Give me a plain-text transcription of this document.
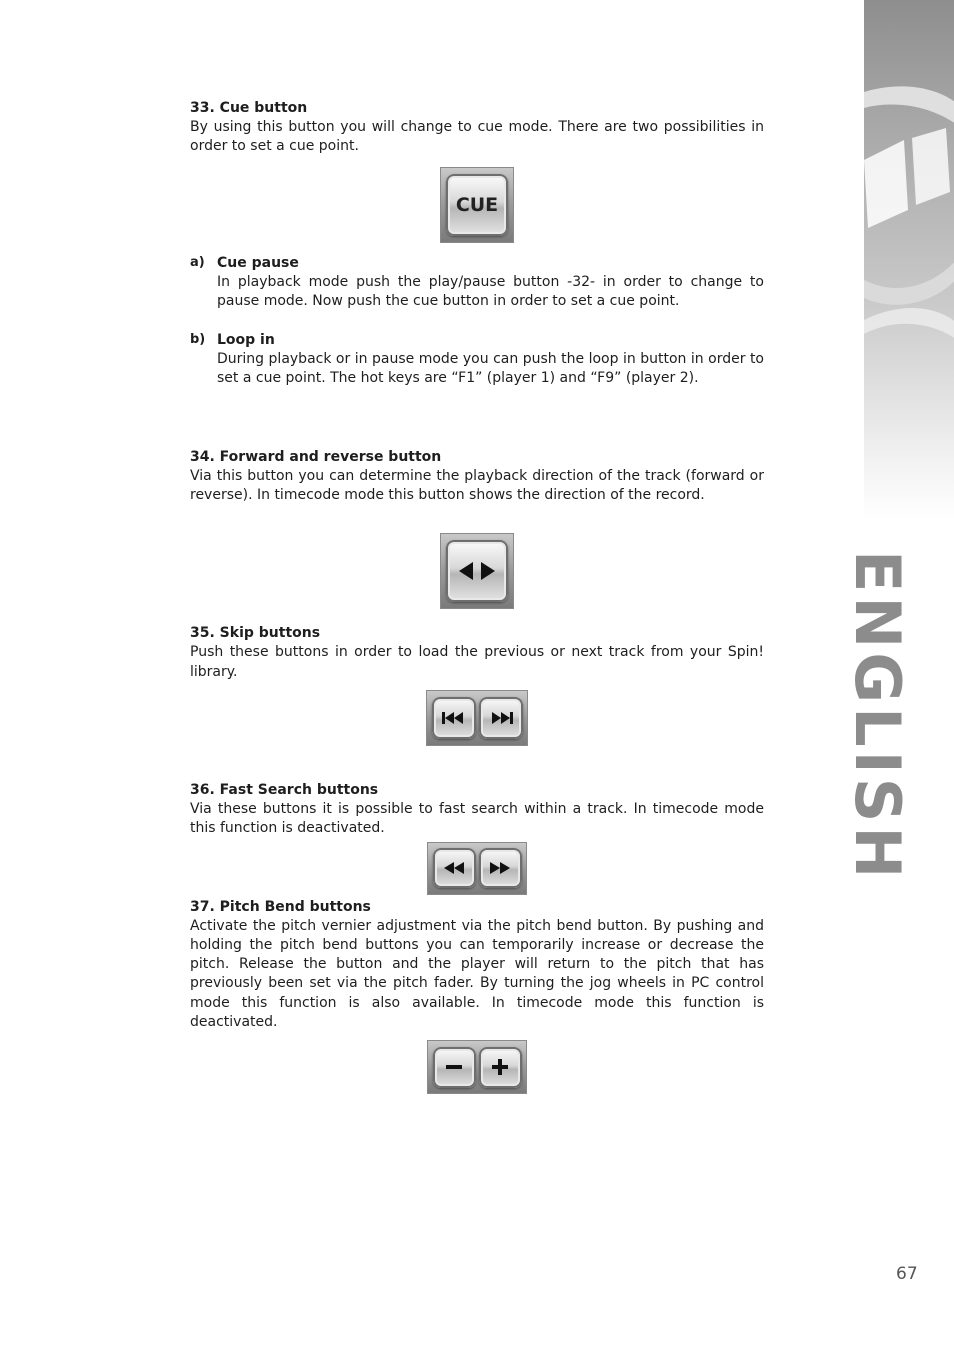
ENGLISH
33. Cue button

By using this button you will change to cue mode. There are two possibilities in order to set a cue point.

CUE
a) Cue pause

In playback mode push the play/pause button -32- in order to change to pause mode. Now push the cue button in order to set a cue point.

b) Loop in

During playback or in pause mode you can push the loop in button in order to set a cue point. The hot keys are “F1” (player 1) and “F9” (player 2).

34. Forward and reverse button

Via this button you can determine the playback direction of the track (forward or reverse). In timecode mode this button shows the direction of the record.

35. Skip buttons

Push these buttons in order to load the previous or next track from your Spin! library.

36. Fast Search buttons

Via these buttons it is possible to fast search within a track. In timecode mode this function is deactivated.

37. Pitch Bend buttons

Activate the pitch vernier adjustment via the pitch bend button. By pushing and holding the pitch bend buttons you can temporarily increase or decrease the pitch. Release the button and the player will return to the pitch that has previously been set via the pitch fader. By turning the jog wheels in PC control mode this function is also available. In timecode mode this function is deactivated.

67
